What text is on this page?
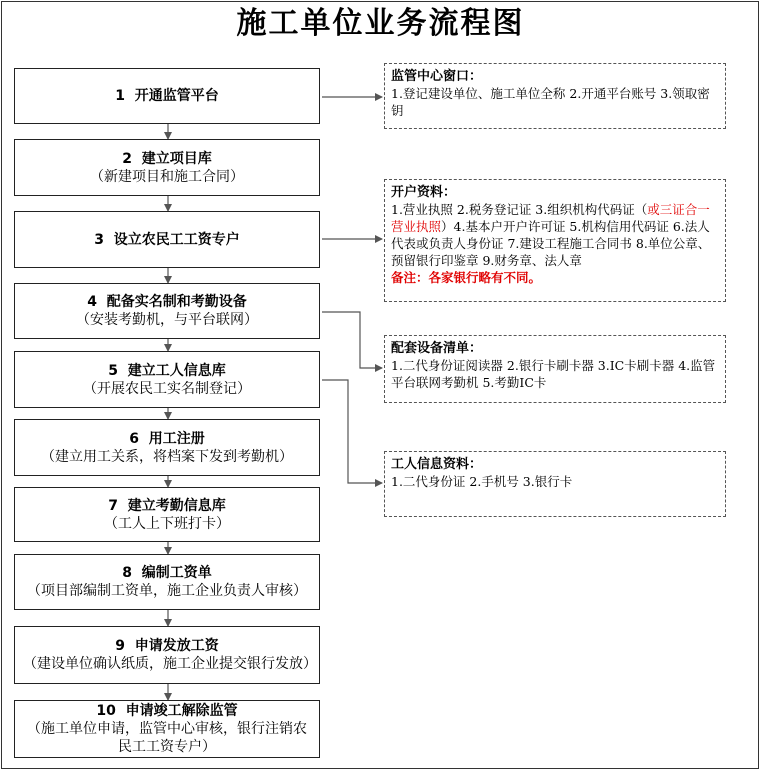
施工单位业务流程图
1 开通监管平台
2 建立项目库
（新建项目和施工合同）
3 设立农民工工资专户
4 配备实名制和考勤设备
（安装考勤机，与平台联网）
5 建立工人信息库
（开展农民工实名制登记）
6 用工注册
（建立用工关系，将档案下发到考勤机）
7 建立考勤信息库
（工人上下班打卡）
8 编制工资单
（项目部编制工资单，施工企业负责人审核）
9 申请发放工资
（建设单位确认纸质，施工企业提交银行发放）
10 申请竣工解除监管
（施工单位申请，监管中心审核，银行注销农民工工资专户）
监管中心窗口：
1.登记建设单位、施工单位全称 2.开通平台账号 3.领取密钥
开户资料：
1.营业执照 2.税务登记证 3.组织机构代码证（或三证合一营业执照）4.基本户开户许可证 5.机构信用代码证 6.法人代表或负责人身份证 7.建设工程施工合同书 8.单位公章、预留银行印鉴章 9.财务章、法人章
备注：各家银行略有不同。
配套设备清单：
1.二代身份证阅读器 2.银行卡刷卡器 3.IC卡刷卡器 4.监管平台联网考勤机 5.考勤IC卡
工人信息资料：
1.二代身份证 2.手机号 3.银行卡
